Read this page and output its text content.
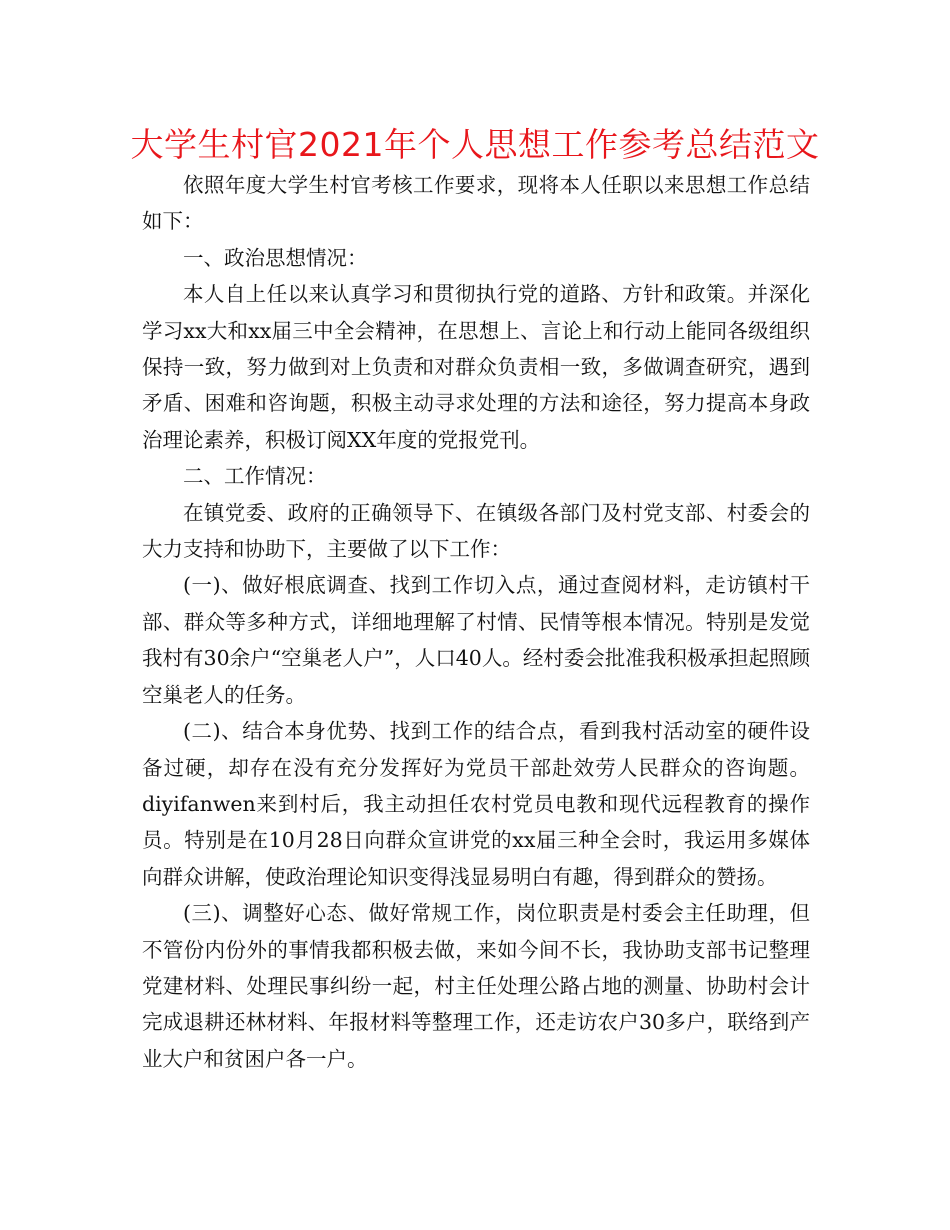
大学生村官2021年个人思想工作参考总结范文

依照年度大学生村官考核工作要求，现将本人任职以来思想工作总结如下：

一、政治思想情况：

本人自上任以来认真学习和贯彻执行党的道路、方针和政策。并深化学习xx大和xx届三中全会精神，在思想上、言论上和行动上能同各级组织保持一致，努力做到对上负责和对群众负责相一致，多做调查研究，遇到矛盾、困难和咨询题，积极主动寻求处理的方法和途径，努力提高本身政治理论素养，积极订阅XX年度的党报党刊。

二、工作情况：

在镇党委、政府的正确领导下、在镇级各部门及村党支部、村委会的大力支持和协助下，主要做了以下工作：

(一)、做好根底调查、找到工作切入点，通过查阅材料，走访镇村干部、群众等多种方式，详细地理解了村情、民情等根本情况。特别是发觉我村有30余户“空巢老人户”，人口40人。经村委会批准我积极承担起照顾空巢老人的任务。

(二)、结合本身优势、找到工作的结合点，看到我村活动室的硬件设备过硬，却存在没有充分发挥好为党员干部赴效劳人民群众的咨询题。diyifanwen来到村后，我主动担任农村党员电教和现代远程教育的操作员。特别是在10月28日向群众宣讲党的xx届三种全会时，我运用多媒体向群众讲解，使政治理论知识变得浅显易明白有趣，得到群众的赞扬。

(三)、调整好心态、做好常规工作，岗位职责是村委会主任助理，但不管份内份外的事情我都积极去做，来如今间不长，我协助支部书记整理党建材料、处理民事纠纷一起，村主任处理公路占地的测量、协助村会计完成退耕还林材料、年报材料等整理工作，还走访农户30多户，联络到产业大户和贫困户各一户。
